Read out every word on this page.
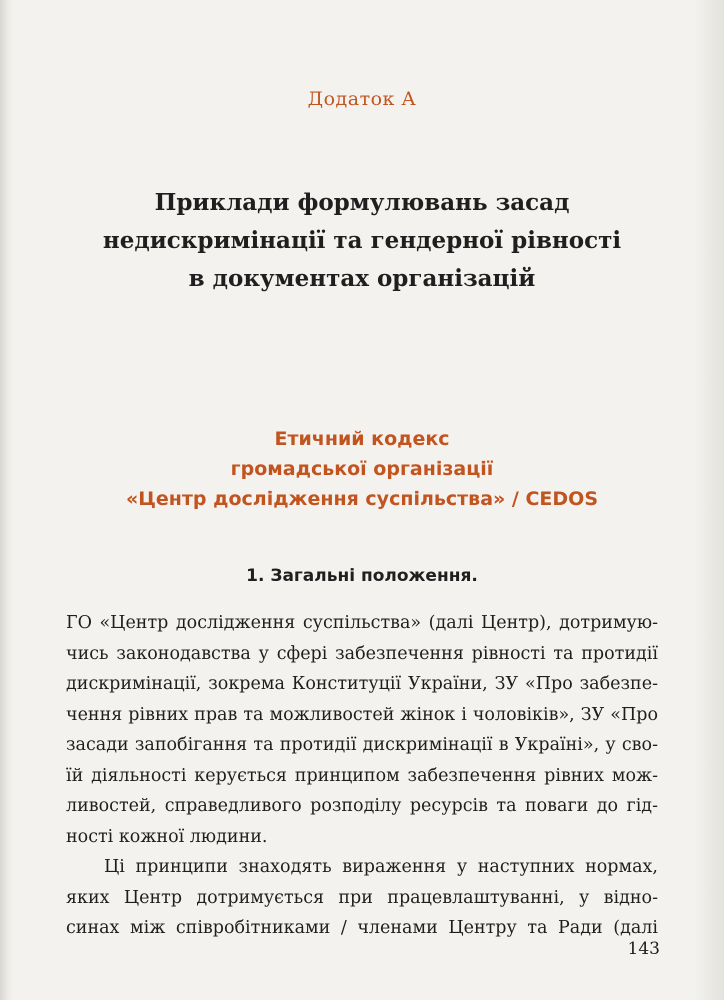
Додаток А
Приклади формулювань засад
недискримінації та гендерної рівності
в документах організацій
Етичний кодекс
громадської організації
«Центр дослідження суспільства» / CEDOS
1. Загальні положення.
ГО «Центр дослідження суспільства» (далі Центр), дотримую-
чись законодавства у сфері забезпечення рівності та протидії
дискримінації, зокрема Конституції України, ЗУ «Про забезпе-
чення рівних прав та можливостей жінок і чоловіків», ЗУ «Про
засади запобігання та протидії дискримінації в Україні», у сво-
їй діяльності керується принципом забезпечення рівних мож-
ливостей, справедливого розподілу ресурсів та поваги до гід-
ності кожної людини.
Ці принципи знаходять вираження у наступних нормах,
яких Центр дотримується при працевлаштуванні, у відно-
синах між співробітниками / членами Центру та Ради (далі
143
